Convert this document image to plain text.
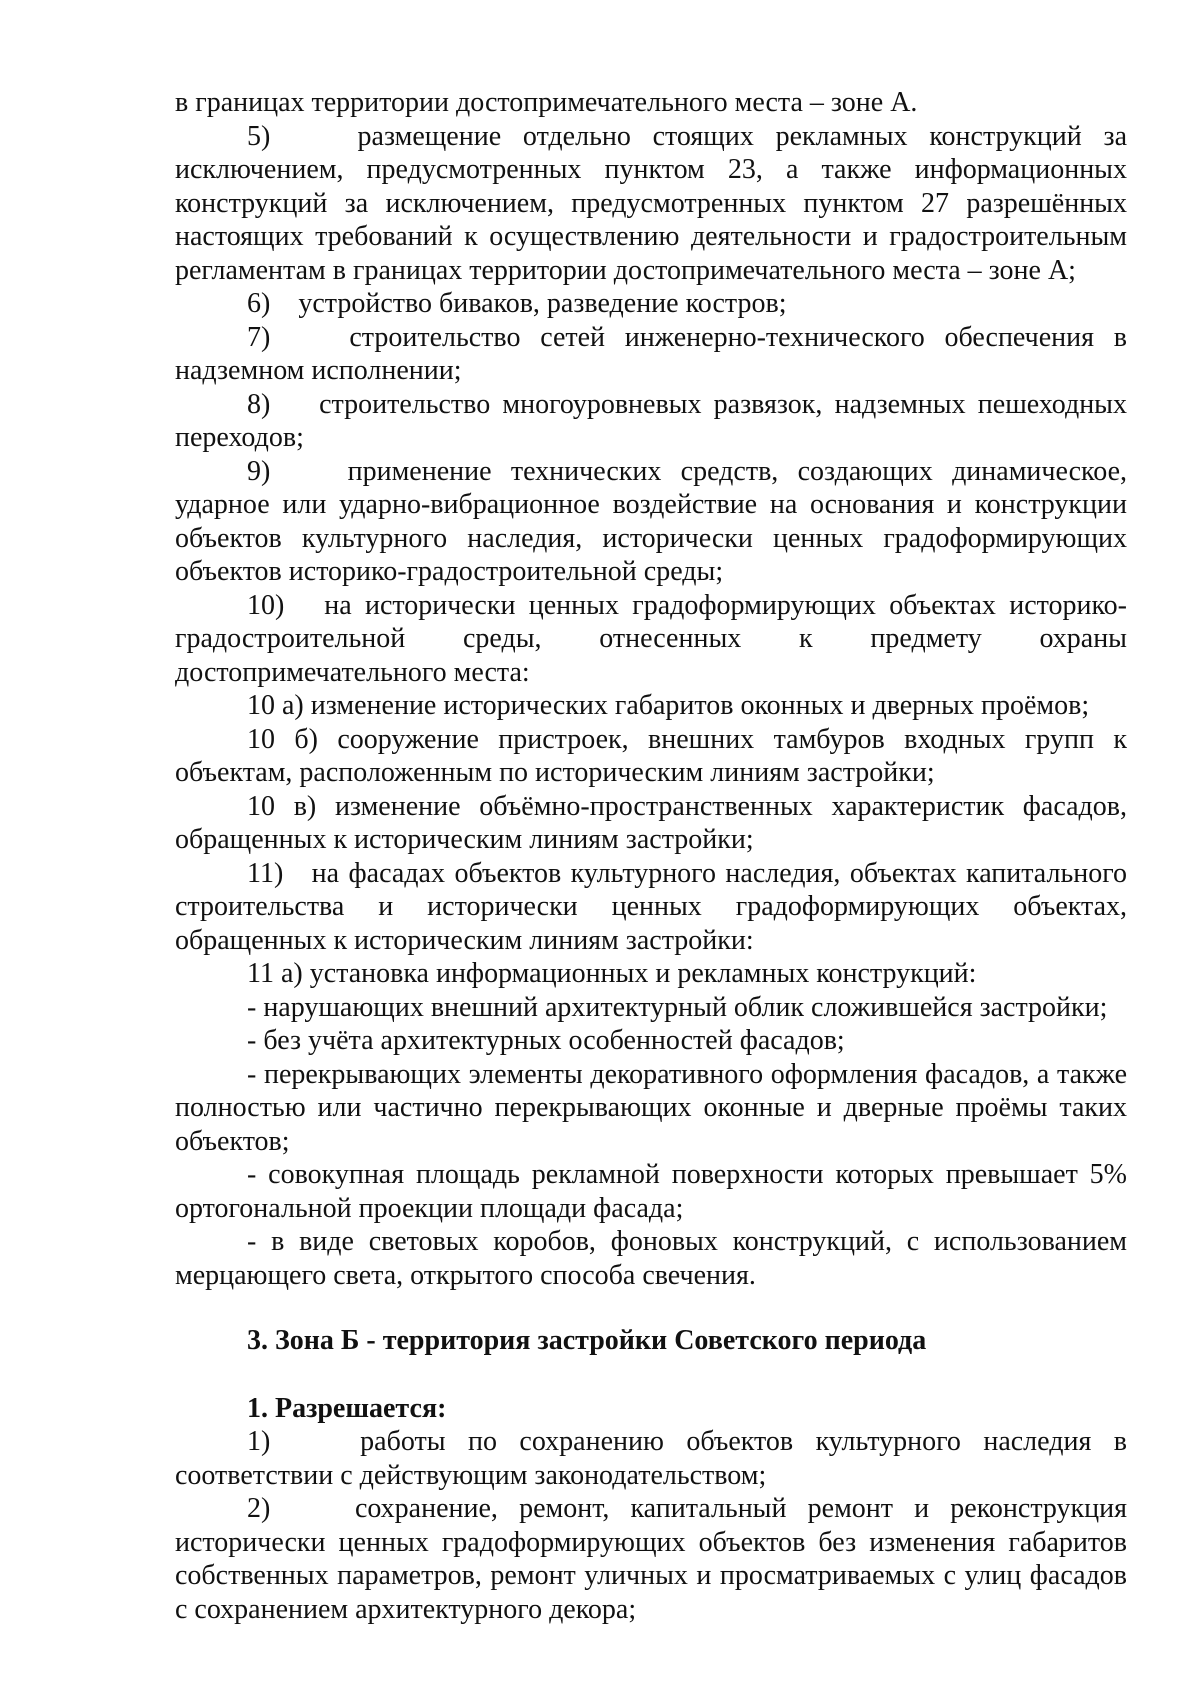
в границах территории достопримечательного места – зоне А.

5)    размещение отдельно стоящих рекламных конструкций за исключением, предусмотренных пунктом 23, а также информационных конструкций за исключением, предусмотренных пунктом 27 разрешённых настоящих требований к осуществлению деятельности и градостроительным регламентам в границах территории достопримечательного места – зоне А;

6)    устройство биваков, разведение костров;

7)    строительство сетей инженерно-технического обеспечения в надземном исполнении;

8)    строительство многоуровневых развязок, надземных пешеходных переходов;

9)    применение технических средств, создающих динамическое, ударное или ударно-вибрационное воздействие на основания и конструкции объектов культурного наследия, исторически ценных градоформирующих объектов историко-градостроительной среды;

10)   на исторически ценных градоформирующих объектах историко-градостроительной среды, отнесенных к предмету охраны достопримечательного места:

10 а) изменение исторических габаритов оконных и дверных проёмов;

10 б) сооружение пристроек, внешних тамбуров входных групп к объектам, расположенным по историческим линиям застройки;

10 в) изменение объёмно-пространственных характеристик фасадов, обращенных к историческим линиям застройки;

11)   на фасадах объектов культурного наследия, объектах капитального строительства и исторически ценных градоформирующих объектах, обращенных к историческим линиям застройки:

11 а) установка информационных и рекламных конструкций:

- нарушающих внешний архитектурный облик сложившейся застройки;

- без учёта архитектурных особенностей фасадов;

- перекрывающих элементы декоративного оформления фасадов, а также полностью или частично перекрывающих оконные и дверные проёмы таких объектов;

- совокупная площадь рекламной поверхности которых превышает 5% ортогональной проекции площади фасада;

- в виде световых коробов, фоновых конструкций, с использованием мерцающего света, открытого способа свечения.

3. Зона Б - территория застройки Советского периода

1. Разрешается:

1)    работы по сохранению объектов культурного наследия в соответствии с действующим законодательством;

2)    сохранение, ремонт, капитальный ремонт и реконструкция исторически ценных градоформирующих объектов без изменения габаритов собственных параметров, ремонт уличных и просматриваемых с улиц фасадов с сохранением архитектурного декора;
